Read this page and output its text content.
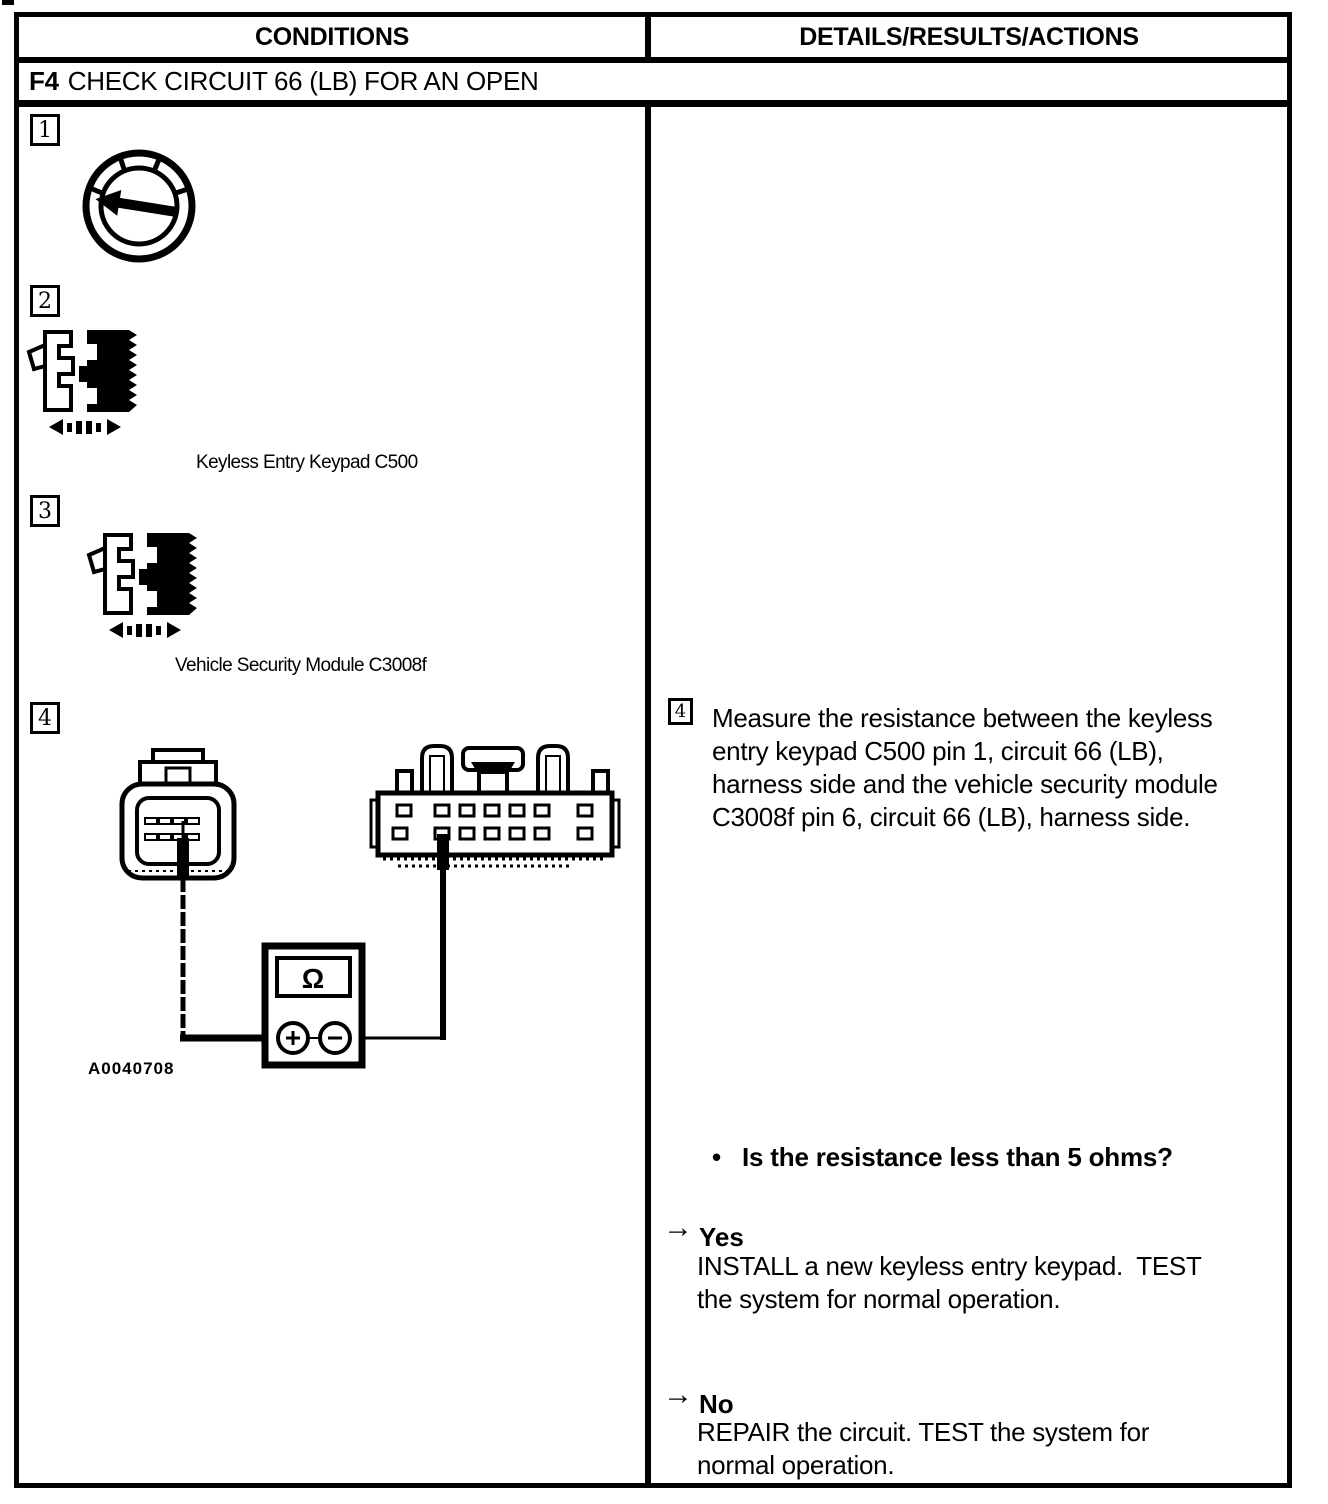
CONDITIONS	DETAILS/RESULTS/ACTIONS
F4 CHECK CIRCUIT 66 (LB) FOR AN OPEN
1
2
Keyless Entry Keypad C500
3
Vehicle Security Module C3008f
4
Ω
A0040708
4 Measure the resistance between the keyless
entry keypad C500 pin 1, circuit 66 (LB),
harness side and the vehicle security module
C3008f pin 6, circuit 66 (LB), harness side.
• Is the resistance less than 5 ohms?
→ Yes
INSTALL a new keyless entry keypad.  TEST
the system for normal operation.
→ No
REPAIR the circuit. TEST the system for
normal operation.
